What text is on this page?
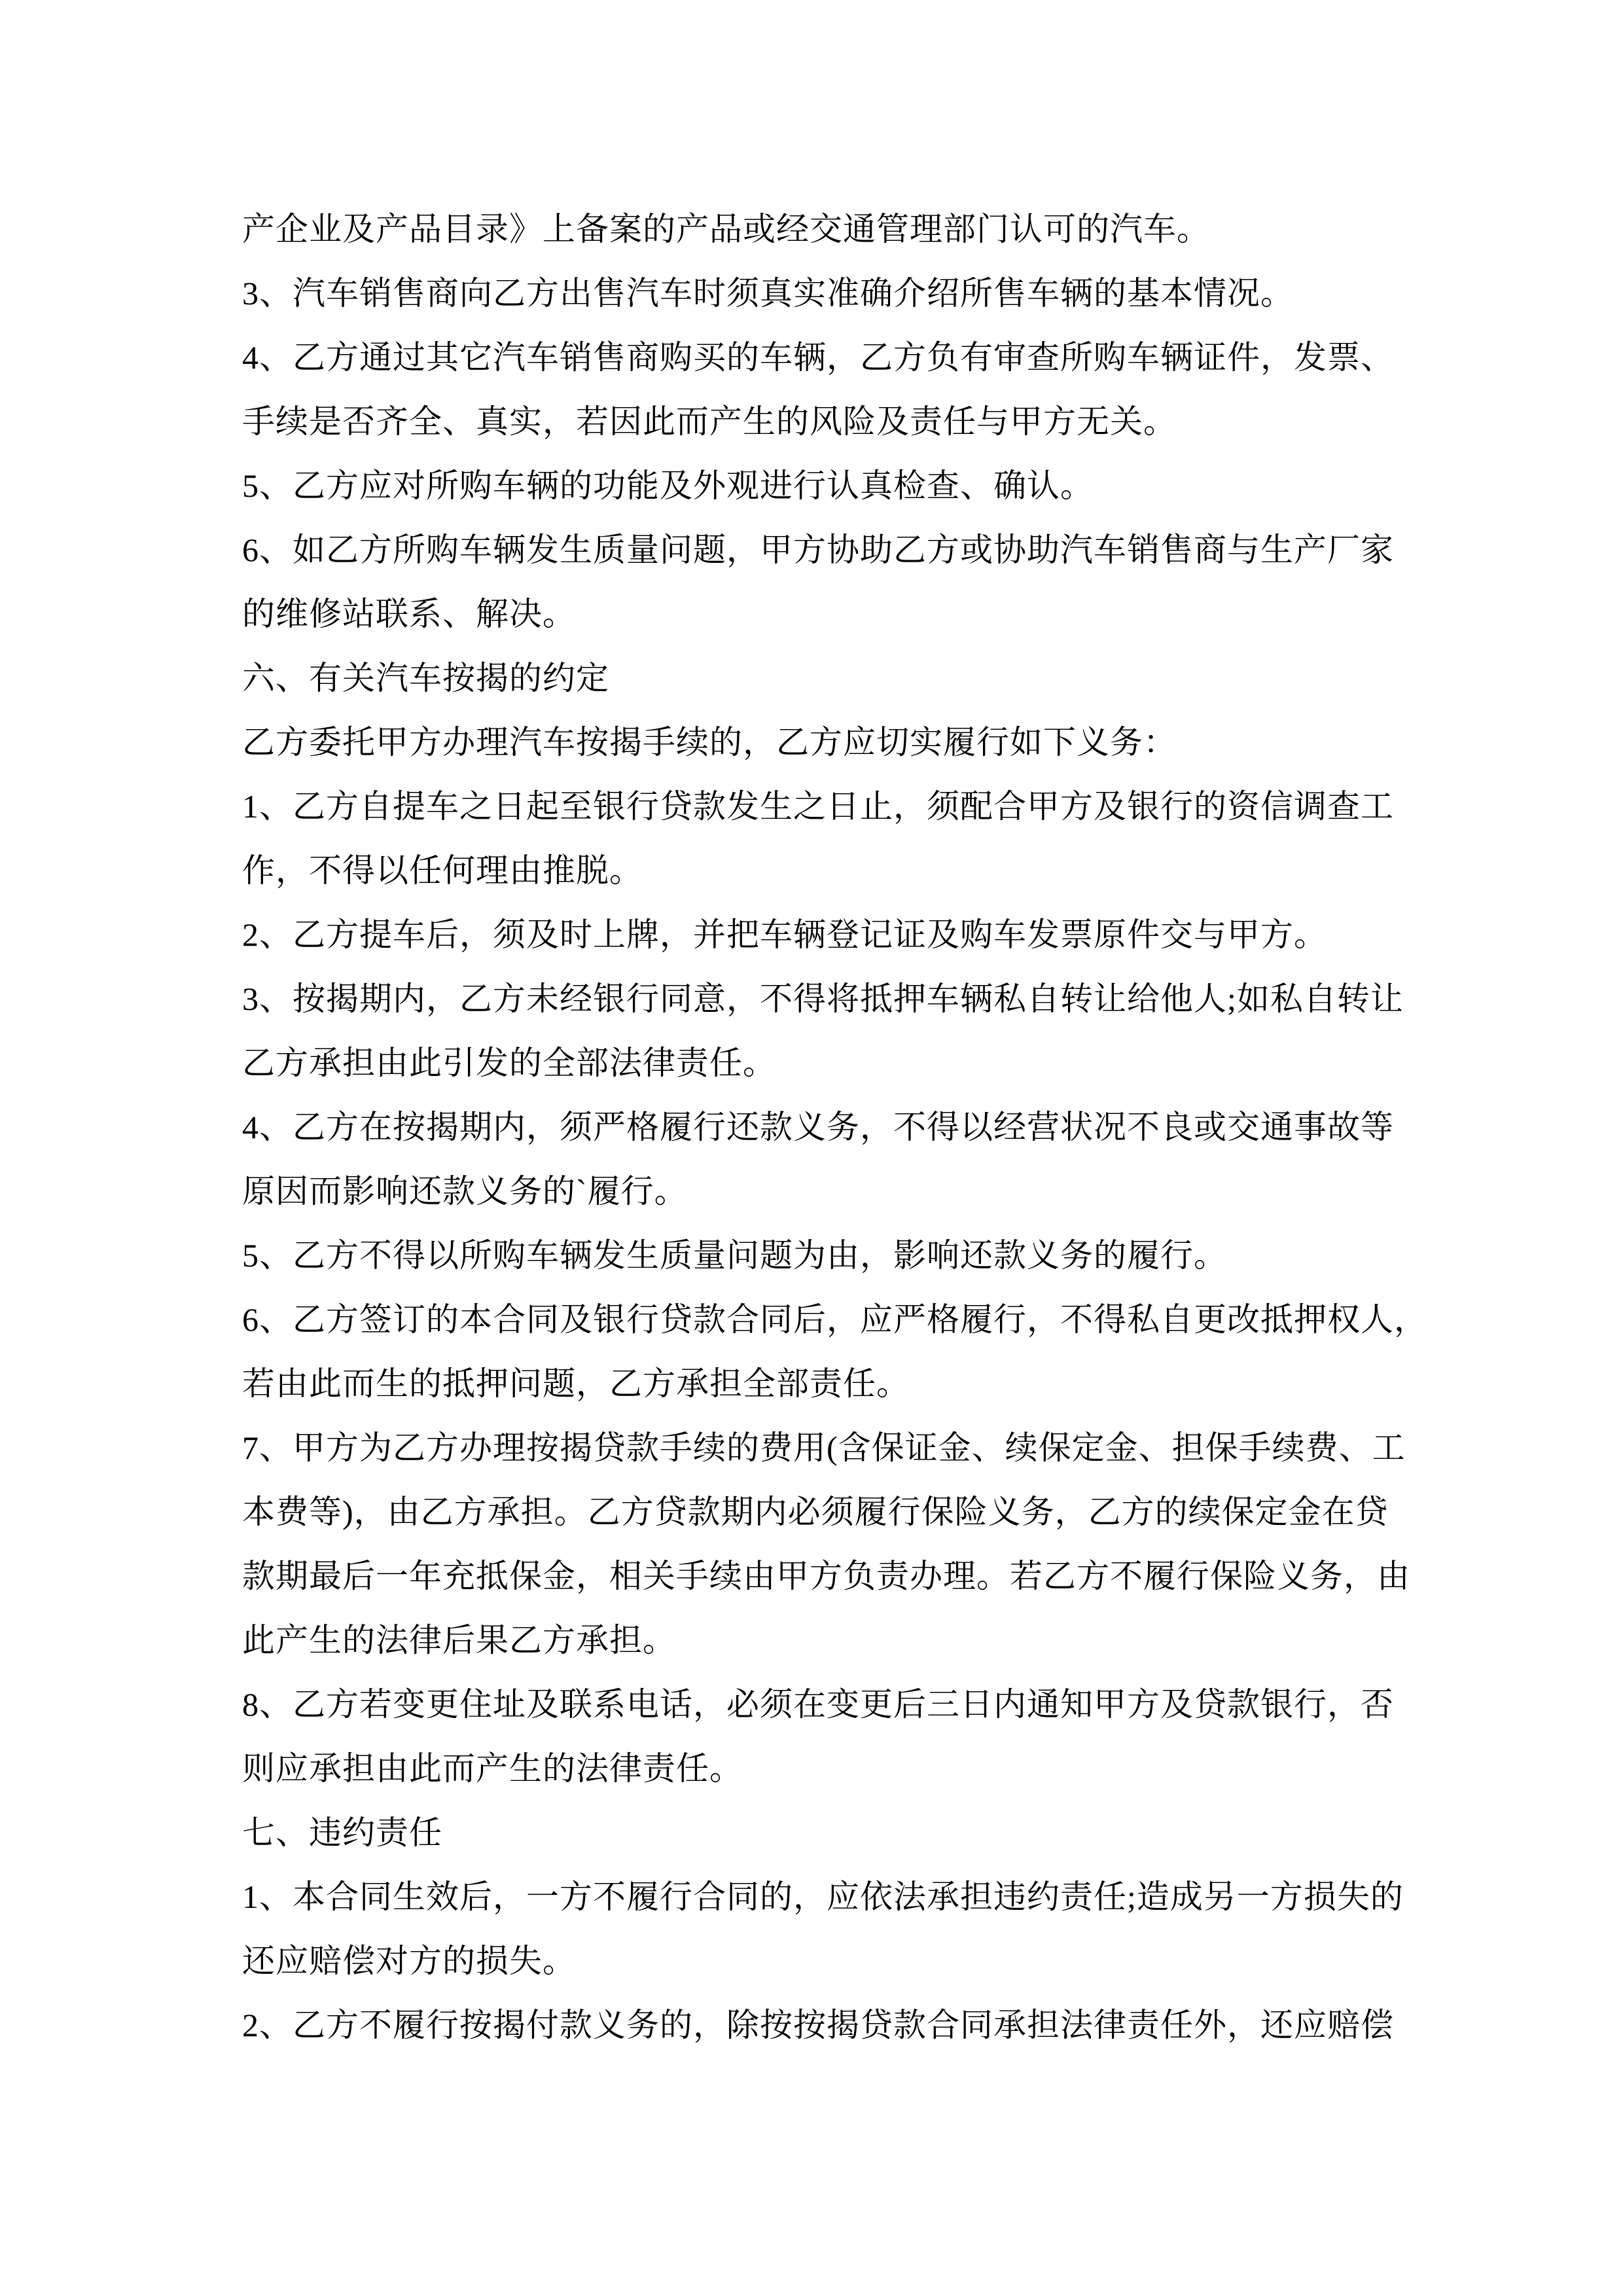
产企业及产品目录》上备案的产品或经交通管理部门认可的汽车。
3、汽车销售商向乙方出售汽车时须真实准确介绍所售车辆的基本情况。
4、乙方通过其它汽车销售商购买的车辆，乙方负有审查所购车辆证件，发票、
手续是否齐全、真实，若因此而产生的风险及责任与甲方无关。
5、乙方应对所购车辆的功能及外观进行认真检查、确认。
6、如乙方所购车辆发生质量问题，甲方协助乙方或协助汽车销售商与生产厂家
的维修站联系、解决。
六、有关汽车按揭的约定
乙方委托甲方办理汽车按揭手续的，乙方应切实履行如下义务：
1、乙方自提车之日起至银行贷款发生之日止，须配合甲方及银行的资信调查工
作，不得以任何理由推脱。
2、乙方提车后，须及时上牌，并把车辆登记证及购车发票原件交与甲方。
3、按揭期内，乙方未经银行同意，不得将抵押车辆私自转让给他人;如私自转让
乙方承担由此引发的全部法律责任。
4、乙方在按揭期内，须严格履行还款义务，不得以经营状况不良或交通事故等
原因而影响还款义务的`履行。
5、乙方不得以所购车辆发生质量问题为由，影响还款义务的履行。
6、乙方签订的本合同及银行贷款合同后，应严格履行，不得私自更改抵押权人，
若由此而生的抵押问题，乙方承担全部责任。
7、甲方为乙方办理按揭贷款手续的费用(含保证金、续保定金、担保手续费、工
本费等)，由乙方承担。乙方贷款期内必须履行保险义务，乙方的续保定金在贷
款期最后一年充抵保金，相关手续由甲方负责办理。若乙方不履行保险义务，由
此产生的法律后果乙方承担。
8、乙方若变更住址及联系电话，必须在变更后三日内通知甲方及贷款银行，否
则应承担由此而产生的法律责任。
七、违约责任
1、本合同生效后，一方不履行合同的，应依法承担违约责任;造成另一方损失的
还应赔偿对方的损失。
2、乙方不履行按揭付款义务的，除按按揭贷款合同承担法律责任外，还应赔偿
